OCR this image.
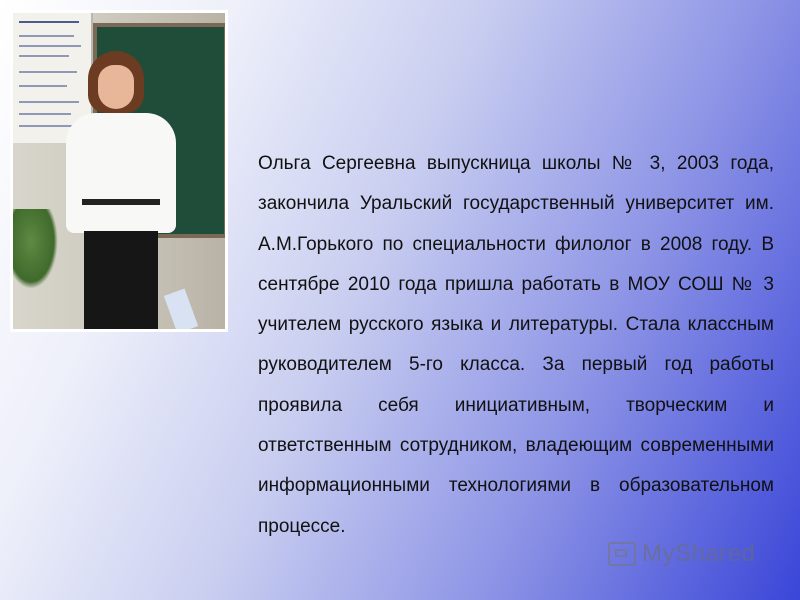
Ольга Сергеевна выпускница школы № 3, 2003 года, закончила Уральский государственный университет им. А.М.Горького по специальности филолог в 2008 году. В сентябре 2010 года пришла работать в МОУ СОШ № 3 учителем русского языка и литературы. Стала классным руководителем 5-го класса. За первый год работы проявила себя инициативным, творческим и ответственным сотрудником, владеющим современными информационными технологиями в образовательном процессе.

MyShared
